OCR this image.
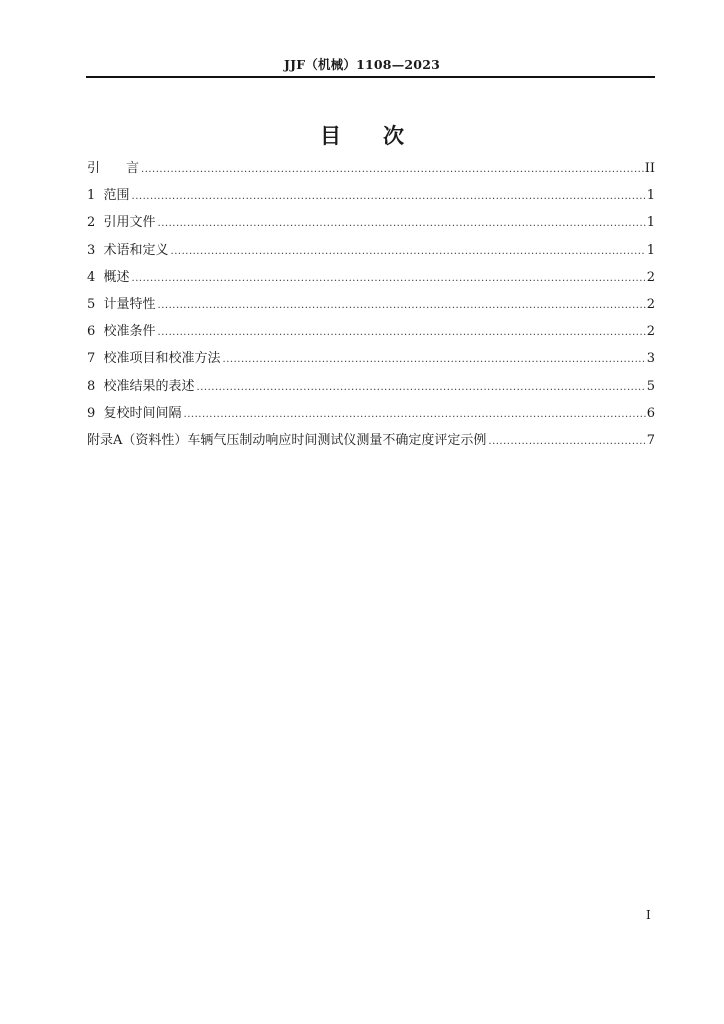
JJF（机械）1108—2023
目　　次
引　　言 .....	II
1  范围 .....	1
2  引用文件 .....	1
3  术语和定义 .....	1
4  概述 .....	2
5  计量特性 .....	2
6  校准条件 .....	2
7  校准项目和校准方法 .....	3
8  校准结果的表述 .....	5
9  复校时间间隔 .....	6
附录A（资料性）车辆气压制动响应时间测试仪测量不确定度评定示例 .....	7
I
